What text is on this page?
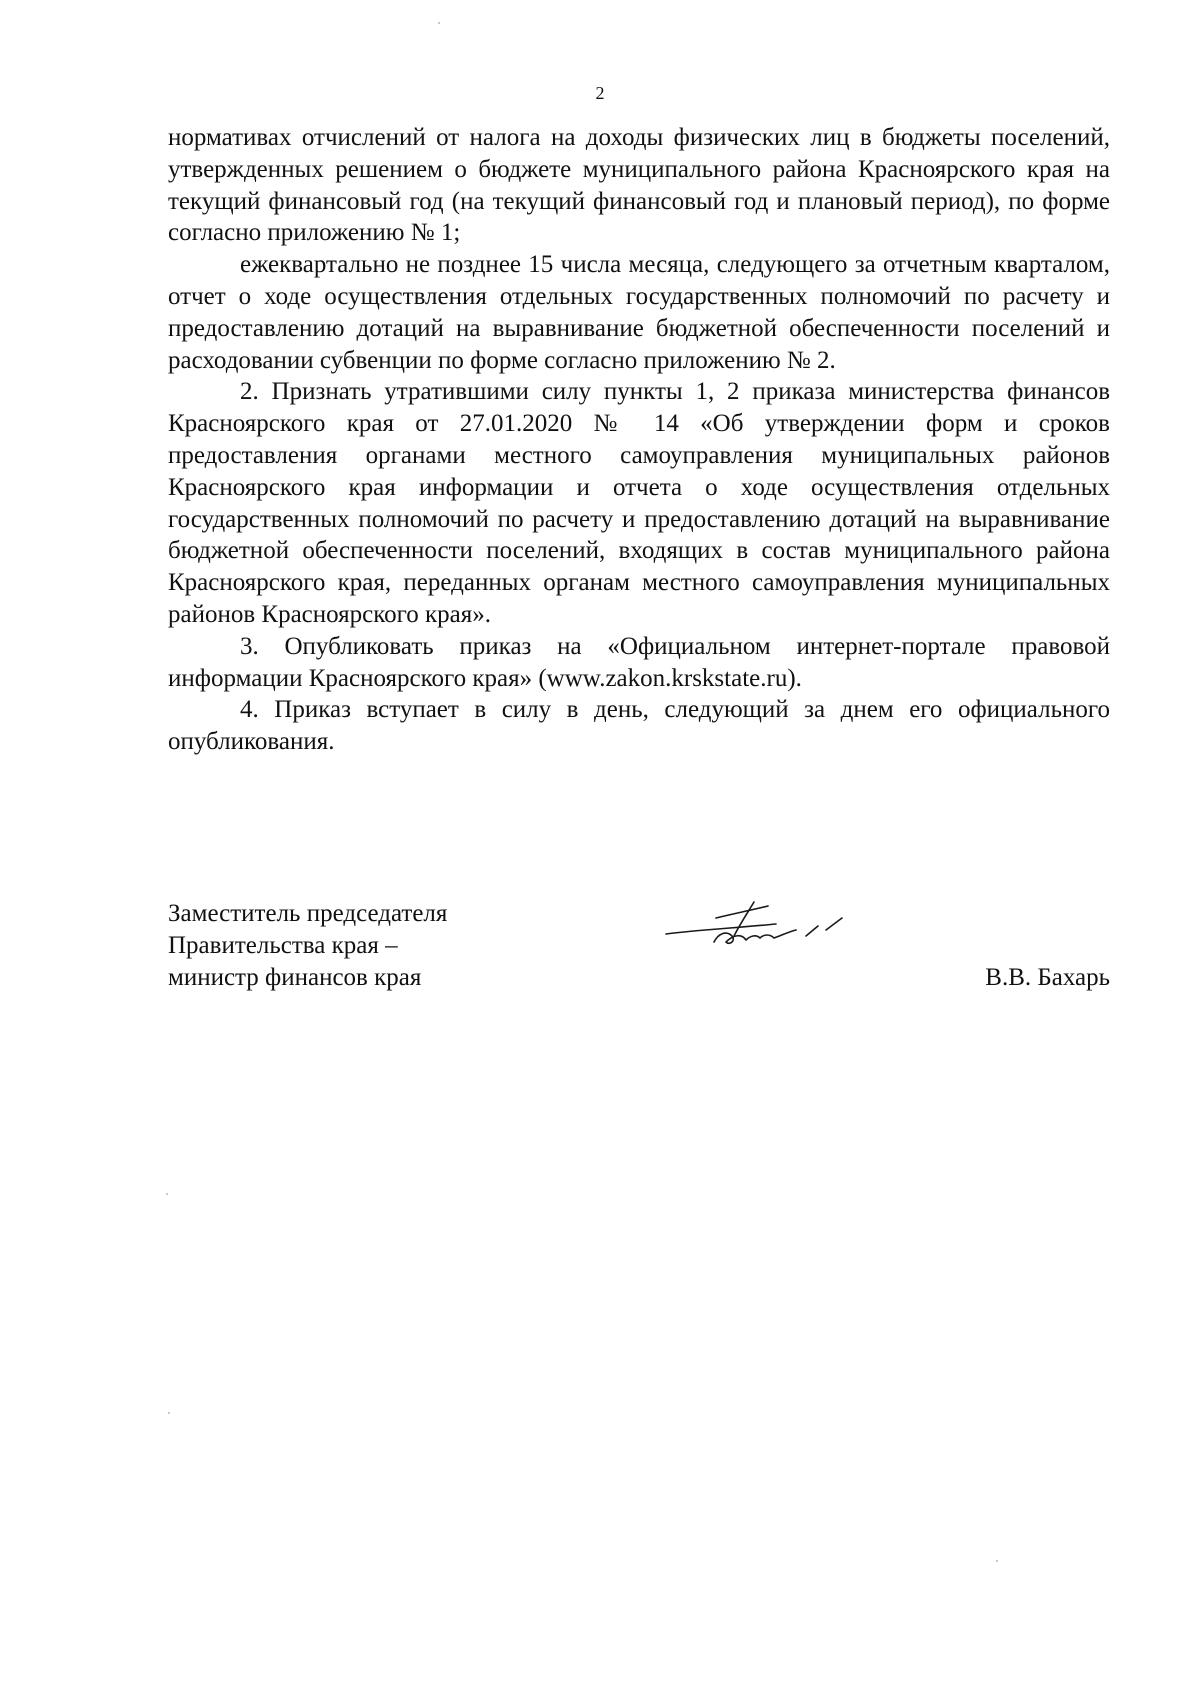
2

нормативах отчислений от налога на доходы физических лиц в бюджеты поселений, утвержденных решением о бюджете муниципального района Красноярского края на текущий финансовый год (на текущий финансовый год и плановый период), по форме согласно приложению № 1;

ежеквартально не позднее 15 числа месяца, следующего за отчетным кварталом, отчет о ходе осуществления отдельных государственных полномочий по расчету и предоставлению дотаций на выравнивание бюджетной обеспеченности поселений и расходовании субвенции по форме согласно приложению № 2.

2. Признать утратившими силу пункты 1, 2 приказа министерства финансов Красноярского края от 27.01.2020 № 14 «Об утверждении форм и сроков предоставления органами местного самоуправления муниципальных районов Красноярского края информации и отчета о ходе осуществления отдельных государственных полномочий по расчету и предоставлению дотаций на выравнивание бюджетной обеспеченности поселений, входящих в состав муниципального района Красноярского края, переданных органам местного самоуправления муниципальных районов Красноярского края».

3. Опубликовать приказ на «Официальном интернет-портале правовой информации Красноярского края» (www.zakon.krskstate.ru).

4. Приказ вступает в силу в день, следующий за днем его официального опубликования.

Заместитель председателя
Правительства края –
министр финансов края	В.В. Бахарь
